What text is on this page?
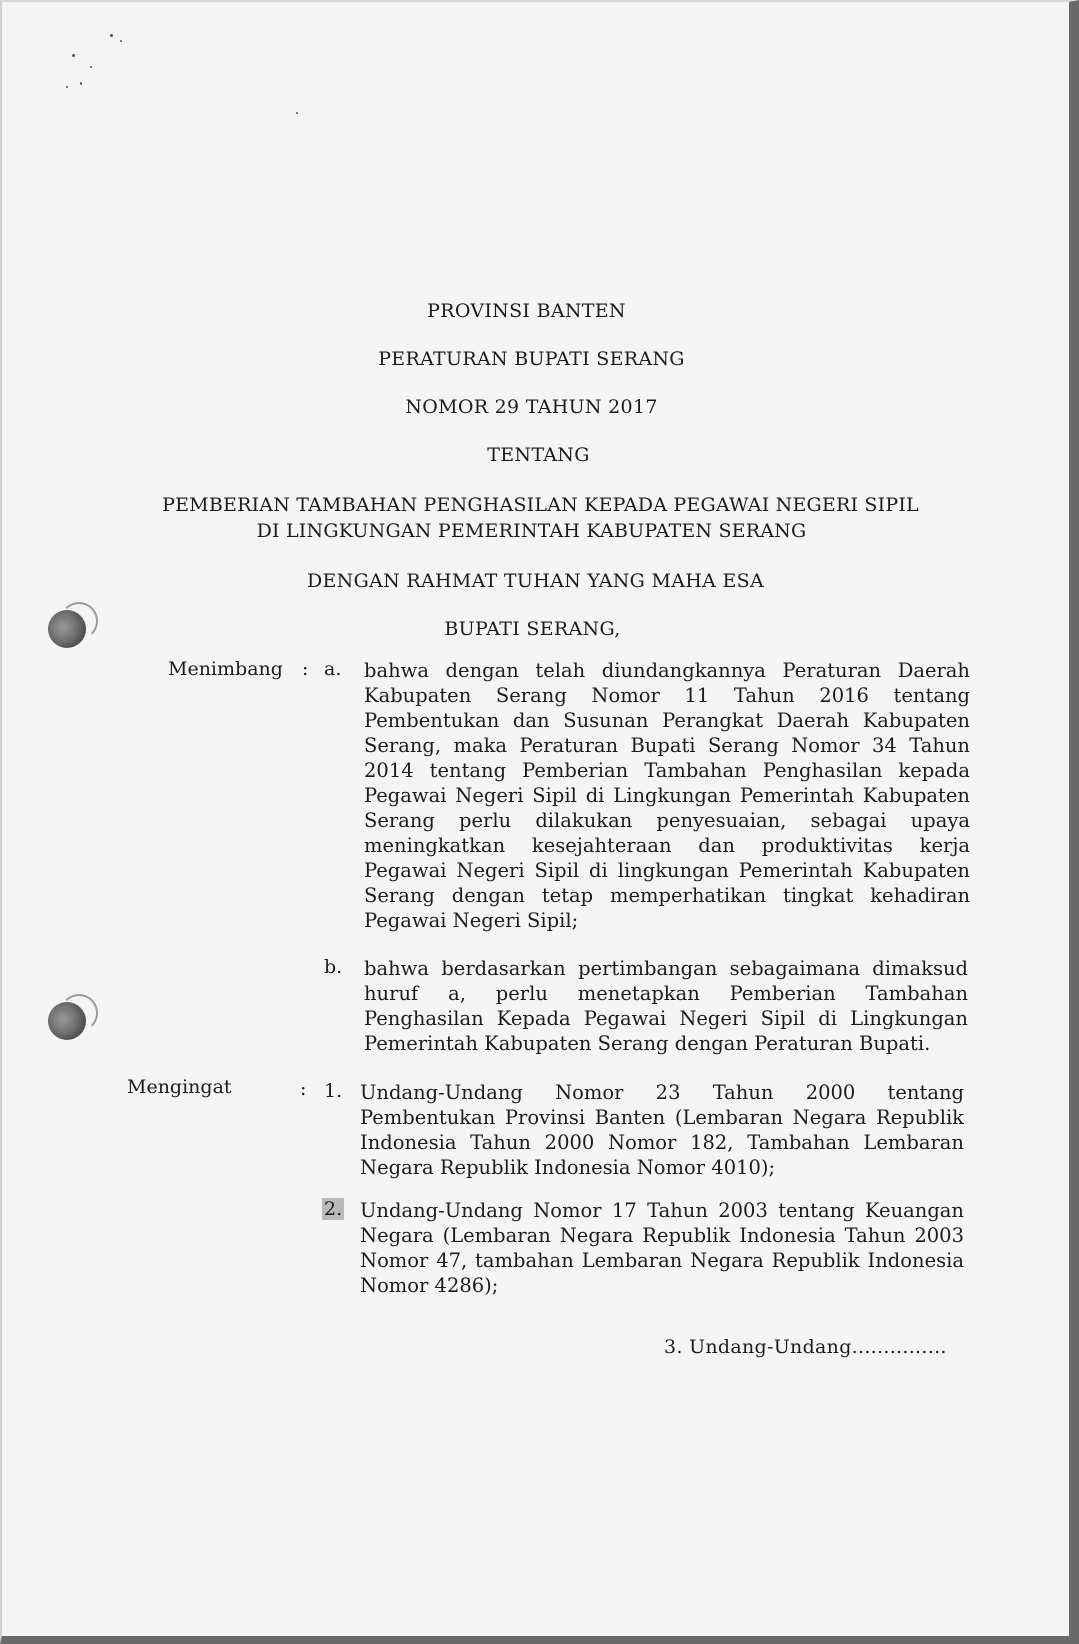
PROVINSI BANTEN
PERATURAN BUPATI SERANG
NOMOR 29 TAHUN 2017
TENTANG
PEMBERIAN TAMBAHAN PENGHASILAN KEPADA PEGAWAI NEGERI SIPIL
DI LINGKUNGAN PEMERINTAH KABUPATEN SERANG
DENGAN RAHMAT TUHAN YANG MAHA ESA
BUPATI SERANG,
Menimbang : a. bahwa dengan telah diundangkannya Peraturan Daerah Kabupaten Serang Nomor 11 Tahun 2016 tentang Pembentukan dan Susunan Perangkat Daerah Kabupaten Serang, maka Peraturan Bupati Serang Nomor 34 Tahun 2014 tentang Pemberian Tambahan Penghasilan kepada Pegawai Negeri Sipil di Lingkungan Pemerintah Kabupaten Serang perlu dilakukan penyesuaian, sebagai upaya meningkatkan kesejahteraan dan produktivitas kerja Pegawai Negeri Sipil di lingkungan Pemerintah Kabupaten Serang dengan tetap memperhatikan tingkat kehadiran Pegawai Negeri Sipil;
b. bahwa berdasarkan pertimbangan sebagaimana dimaksud huruf a, perlu menetapkan Pemberian Tambahan Penghasilan Kepada Pegawai Negeri Sipil di Lingkungan Pemerintah Kabupaten Serang dengan Peraturan Bupati.
Mengingat	: 1. Undang-Undang Nomor 23 Tahun 2000 tentang Pembentukan Provinsi Banten (Lembaran Negara Republik Indonesia Tahun 2000 Nomor 182, Tambahan Lembaran Negara Republik Indonesia Nomor 4010);
2. Undang-Undang Nomor 17 Tahun 2003 tentang Keuangan Negara (Lembaran Negara Republik Indonesia Tahun 2003 Nomor 47, tambahan Lembaran Negara Republik Indonesia Nomor 4286);
3. Undang-Undang...............
